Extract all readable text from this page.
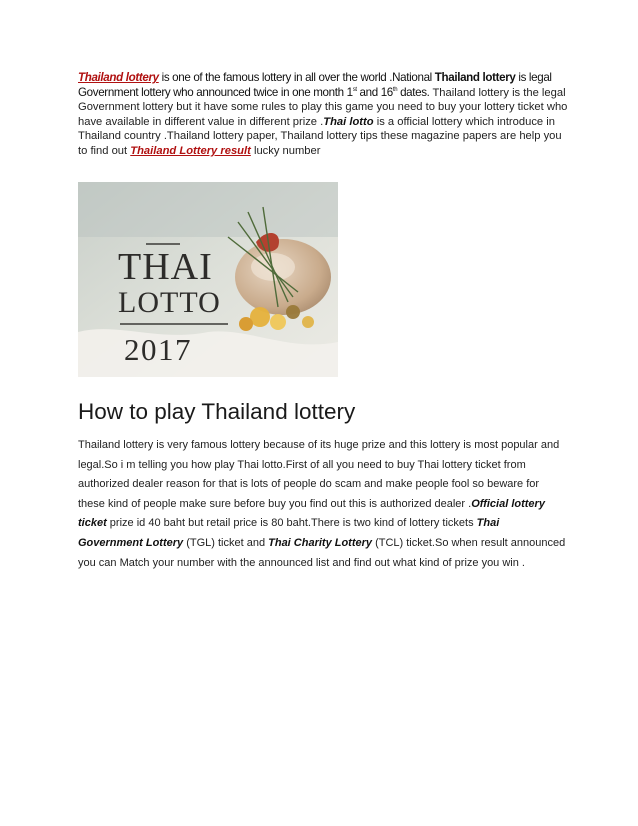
Thailand lottery is one of the famous lottery in all over the world .National Thailand lottery is legal Government lottery who announced twice in one month 1st and 16th dates. Thailand lottery is the legal Government lottery but it have some rules to play this game you need to buy your lottery ticket who have available in different value in different prize .Thai lotto is a official lottery which introduce in Thailand country .Thailand lottery paper, Thailand lottery tips these magazine papers are help you to find out Thailand Lottery result lucky number
THAI
LOTTO
2017
How to play Thailand lottery
Thailand lottery is very famous lottery because of its huge prize and this lottery is most popular and legal.So i m telling you how play Thai lotto.First of all you need to buy Thai lottery ticket from authorized dealer reason for that is lots of people do scam and make people fool so beware for these kind of people make sure before buy you find out this is authorized dealer .Official lottery ticket prize id 40 baht but retail price is 80 baht.There is two kind of lottery tickets Thai Government Lottery (TGL) ticket and Thai Charity Lottery (TCL) ticket.So when result announced you can Match your number with the announced list and find out what kind of prize you win .
